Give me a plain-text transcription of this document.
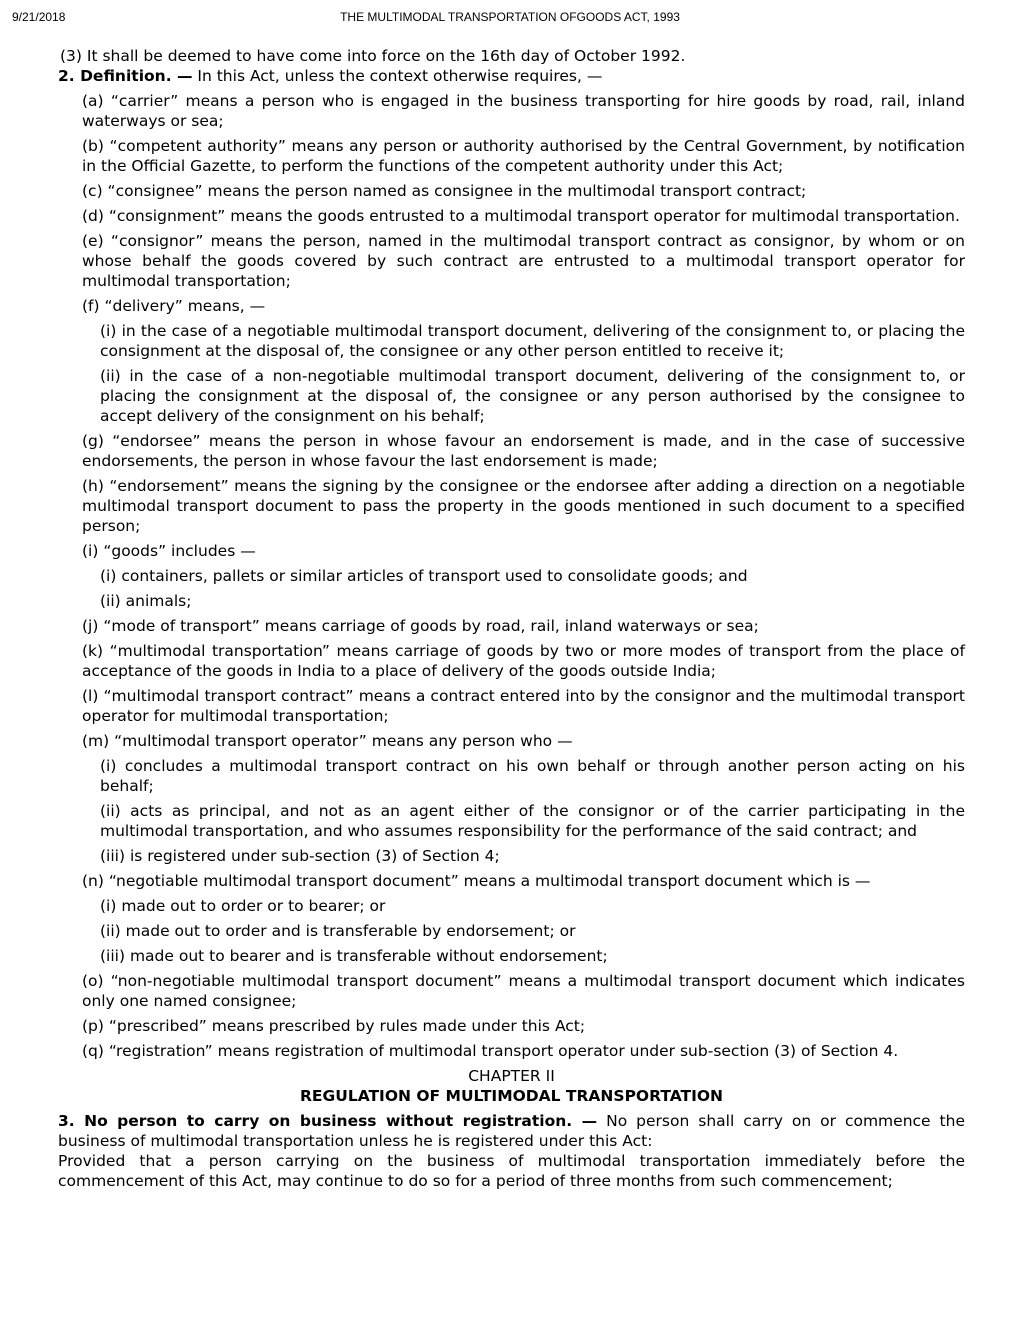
9/21/2018	THE MULTIMODAL TRANSPORTATION OFGOODS ACT, 1993

(3) It shall be deemed to have come into force on the 16th day of October 1992.

2. Definition. — In this Act, unless the context otherwise requires, —

(a) “carrier” means a person who is engaged in the business transporting for hire goods by road, rail, inland waterways or sea;

(b) “competent authority” means any person or authority authorised by the Central Government, by notification in the Official Gazette, to perform the functions of the competent authority under this Act;

(c) “consignee” means the person named as consignee in the multimodal transport contract;

(d) “consignment” means the goods entrusted to a multimodal transport operator for multimodal transportation.

(e) “consignor” means the person, named in the multimodal transport contract as consignor, by whom or on whose behalf the goods covered by such contract are entrusted to a multimodal transport operator for multimodal transportation;

(f) “delivery” means, —

(i) in the case of a negotiable multimodal transport document, delivering of the consignment to, or placing the consignment at the disposal of, the consignee or any other person entitled to receive it;

(ii) in the case of a non-negotiable multimodal transport document, delivering of the consignment to, or placing the consignment at the disposal of, the consignee or any person authorised by the consignee to accept delivery of the consignment on his behalf;

(g) “endorsee” means the person in whose favour an endorsement is made, and in the case of successive endorsements, the person in whose favour the last endorsement is made;

(h) “endorsement” means the signing by the consignee or the endorsee after adding a direction on a negotiable multimodal transport document to pass the property in the goods mentioned in such document to a specified person;

(i) “goods” includes —

(i) containers, pallets or similar articles of transport used to consolidate goods; and

(ii) animals;

(j) “mode of transport” means carriage of goods by road, rail, inland waterways or sea;

(k) “multimodal transportation” means carriage of goods by two or more modes of transport from the place of acceptance of the goods in India to a place of delivery of the goods outside India;

(l) “multimodal transport contract” means a contract entered into by the consignor and the multimodal transport operator for multimodal transportation;

(m) “multimodal transport operator” means any person who —

(i) concludes a multimodal transport contract on his own behalf or through another person acting on his behalf;

(ii) acts as principal, and not as an agent either of the consignor or of the carrier participating in the multimodal transportation, and who assumes responsibility for the performance of the said contract; and

(iii) is registered under sub-section (3) of Section 4;

(n) “negotiable multimodal transport document” means a multimodal transport document which is —

(i) made out to order or to bearer; or

(ii) made out to order and is transferable by endorsement; or

(iii) made out to bearer and is transferable without endorsement;

(o) “non-negotiable multimodal transport document” means a multimodal transport document which indicates only one named consignee;

(p) “prescribed” means prescribed by rules made under this Act;

(q) “registration” means registration of multimodal transport operator under sub-section (3) of Section 4.

CHAPTER II

REGULATION OF MULTIMODAL TRANSPORTATION

3. No person to carry on business without registration. — No person shall carry on or commence the business of multimodal transportation unless he is registered under this Act:

Provided that a person carrying on the business of multimodal transportation immediately before the commencement of this Act, may continue to do so for a period of three months from such commencement;
